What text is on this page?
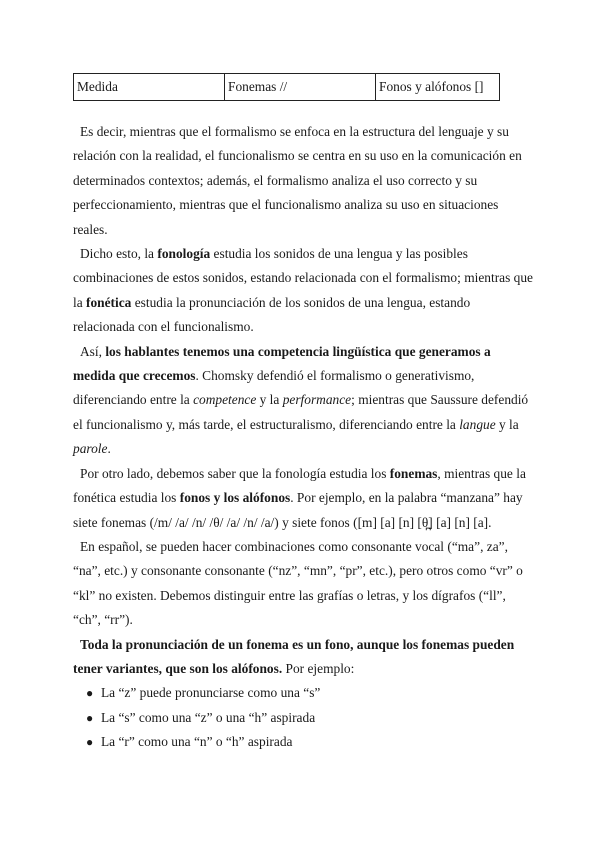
Medida	Fonemas //	Fonos y alófonos []

Es decir, mientras que el formalismo se enfoca en la estructura del lenguaje y su relación con la realidad, el funcionalismo se centra en su uso en la comunicación en determinados contextos; además, el formalismo analiza el uso correcto y su perfeccionamiento, mientras que el funcionalismo analiza su uso en situaciones reales.

Dicho esto, la fonología estudia los sonidos de una lengua y las posibles combinaciones de estos sonidos, estando relacionada con el formalismo; mientras que la fonética estudia la pronunciación de los sonidos de una lengua, estando relacionada con el funcionalismo.

Así, los hablantes tenemos una competencia lingüística que generamos a medida que crecemos. Chomsky defendió el formalismo o generativismo, diferenciando entre la competence y la performance; mientras que Saussure defendió el funcionalismo y, más tarde, el estructuralismo, diferenciando entre la langue y la parole.

Por otro lado, debemos saber que la fonología estudia los fonemas, mientras que la fonética estudia los fonos y los alófonos. Por ejemplo, en la palabra “manzana” hay siete fonemas (/m/ /a/ /n/ /θ/ /a/ /n/ /a/) y siete fonos ([m] [a] [n] [θ̪] [a] [n] [a].

En español, se pueden hacer combinaciones como consonante vocal (“ma”, za”, “na”, etc.) y consonante consonante (“nz”, “mn”, “pr”, etc.), pero otros como “vr” o “kl” no existen. Debemos distinguir entre las grafías o letras, y los dígrafos (“ll”, “ch”, “rr”).

Toda la pronunciación de un fonema es un fono, aunque los fonemas pueden tener variantes, que son los alófonos. Por ejemplo:

● La “z” puede pronunciarse como una “s”
● La “s” como una “z” o una “h” aspirada
● La “r” como una “n” o “h” aspirada
